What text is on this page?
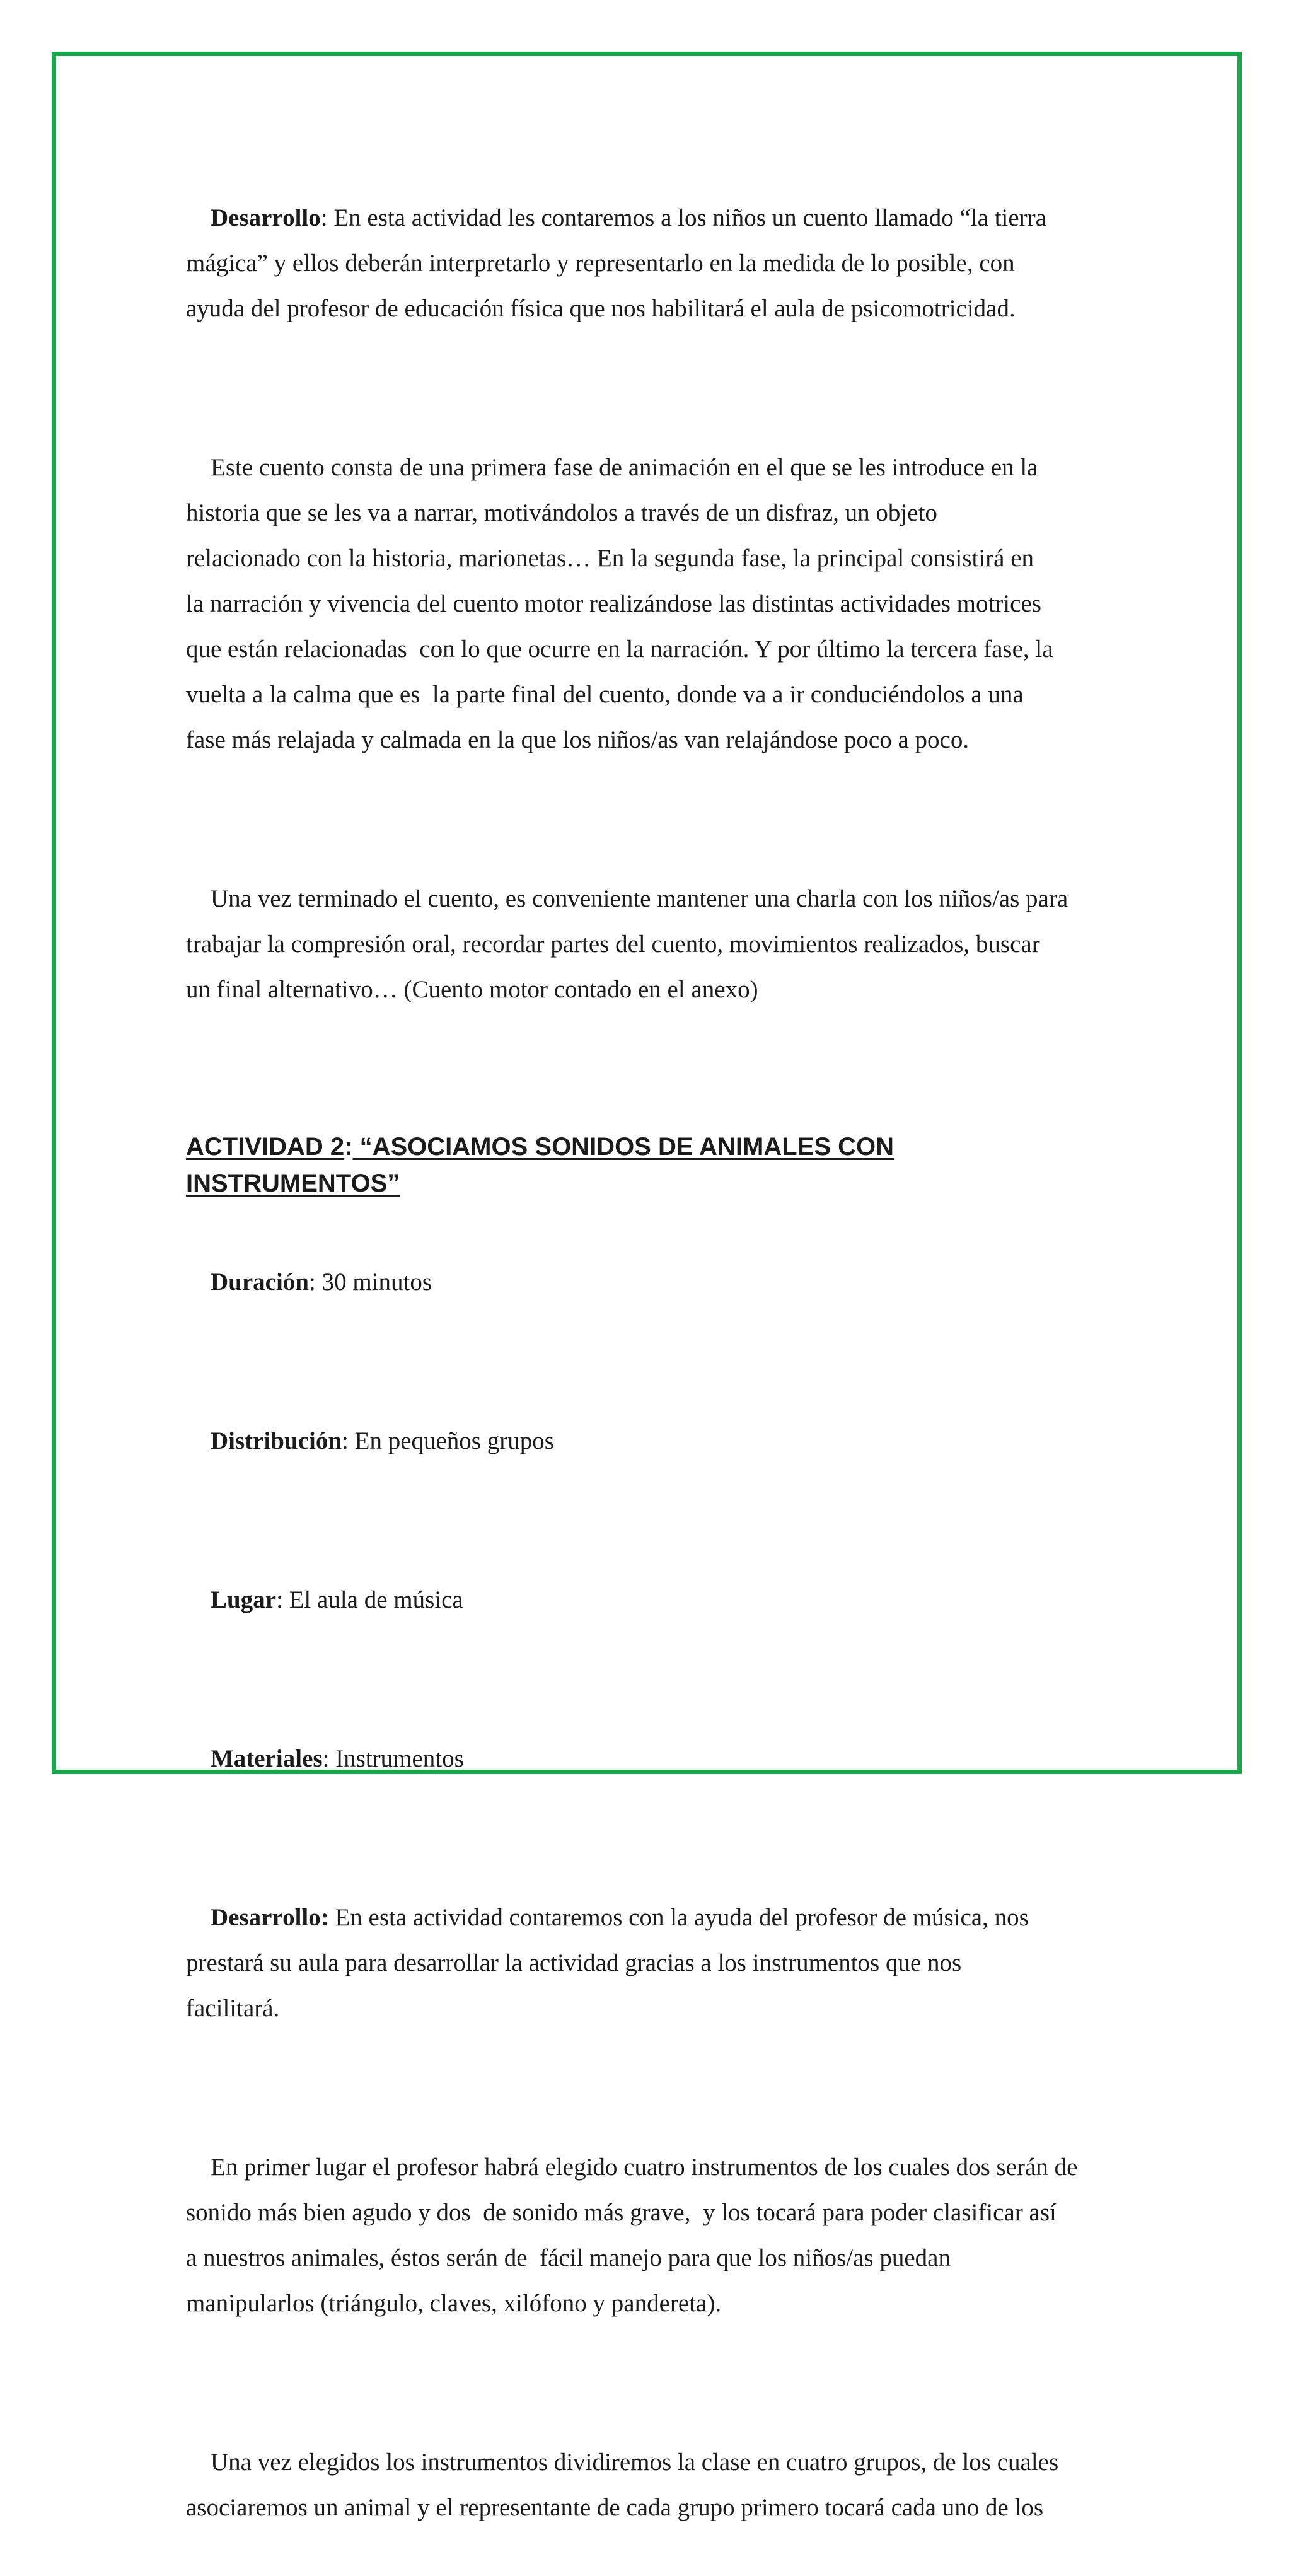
Desarrollo: En esta actividad les contaremos a los niños un cuento llamado “la tierra
mágica” y ellos deberán interpretarlo y representarlo en la medida de lo posible, con
ayuda del profesor de educación física que nos habilitará el aula de psicomotricidad.

Este cuento consta de una primera fase de animación en el que se les introduce en la
historia que se les va a narrar, motivándolos a través de un disfraz, un objeto
relacionado con la historia, marionetas… En la segunda fase, la principal consistirá en
la narración y vivencia del cuento motor realizándose las distintas actividades motrices
que están relacionadas  con lo que ocurre en la narración. Y por último la tercera fase, la
vuelta a la calma que es  la parte final del cuento, donde va a ir conduciéndolos a una
fase más relajada y calmada en la que los niños/as van relajándose poco a poco.

Una vez terminado el cuento, es conveniente mantener una charla con los niños/as para
trabajar la compresión oral, recordar partes del cuento, movimientos realizados, buscar
un final alternativo… (Cuento motor contado en el anexo)

ACTIVIDAD 2: “ASOCIAMOS SONIDOS DE ANIMALES CON
INSTRUMENTOS”

Duración: 30 minutos

Distribución: En pequeños grupos

Lugar: El aula de música

Materiales: Instrumentos

Desarrollo: En esta actividad contaremos con la ayuda del profesor de música, nos
prestará su aula para desarrollar la actividad gracias a los instrumentos que nos
facilitará.

En primer lugar el profesor habrá elegido cuatro instrumentos de los cuales dos serán de
sonido más bien agudo y dos  de sonido más grave,  y los tocará para poder clasificar así
a nuestros animales, éstos serán de  fácil manejo para que los niños/as puedan
manipularlos (triángulo, claves, xilófono y pandereta).

Una vez elegidos los instrumentos dividiremos la clase en cuatro grupos, de los cuales
asociaremos un animal y el representante de cada grupo primero tocará cada uno de los
